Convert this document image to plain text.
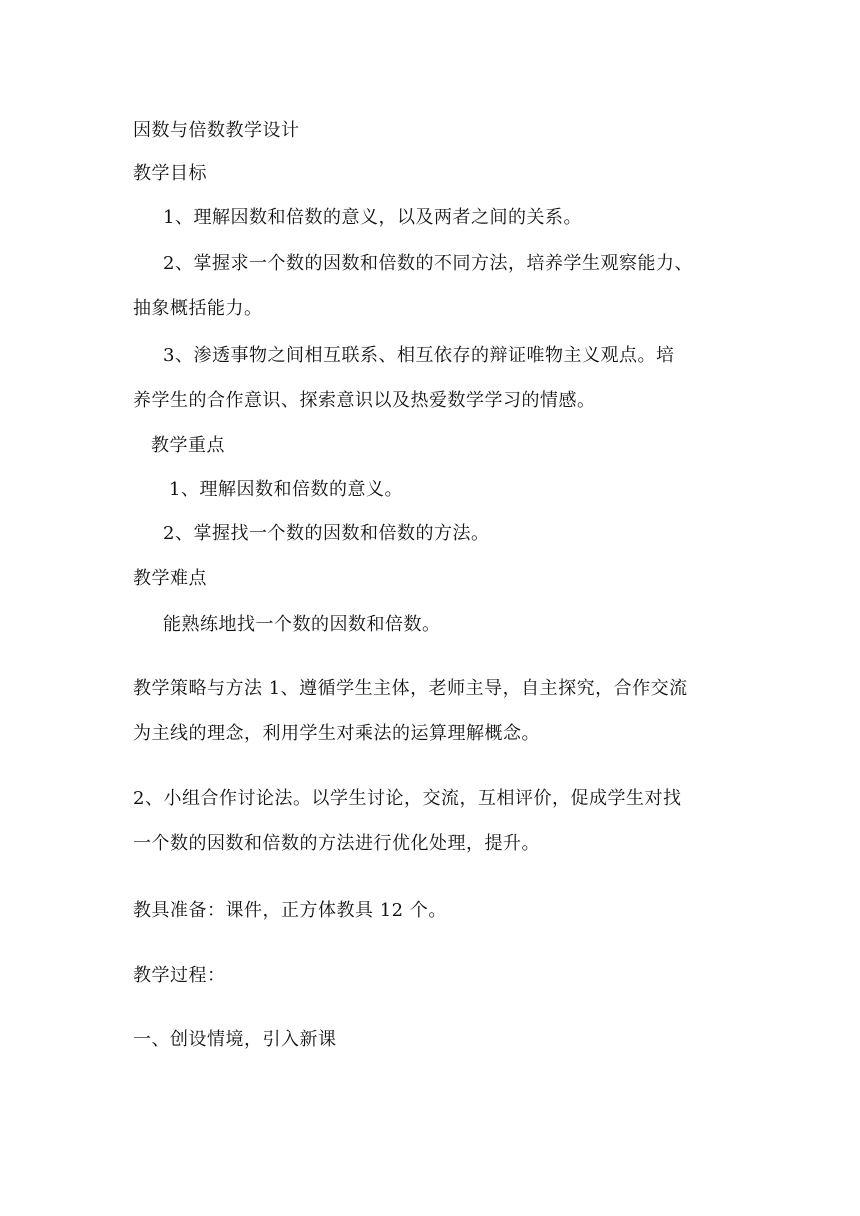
因数与倍数教学设计
教学目标
1、理解因数和倍数的意义，以及两者之间的关系。
2、掌握求一个数的因数和倍数的不同方法，培养学生观察能力、
抽象概括能力。
3、渗透事物之间相互联系、相互依存的辩证唯物主义观点。培
养学生的合作意识、探索意识以及热爱数学学习的情感。
教学重点
1、理解因数和倍数的意义。
2、掌握找一个数的因数和倍数的方法。
教学难点
能熟练地找一个数的因数和倍数。
教学策略与方法 1、遵循学生主体，老师主导，自主探究，合作交流
为主线的理念，利用学生对乘法的运算理解概念。
2、小组合作讨论法。以学生讨论，交流，互相评价，促成学生对找
一个数的因数和倍数的方法进行优化处理，提升。
教具准备：课件，正方体教具 12 个。
教学过程：
一、创设情境，引入新课
